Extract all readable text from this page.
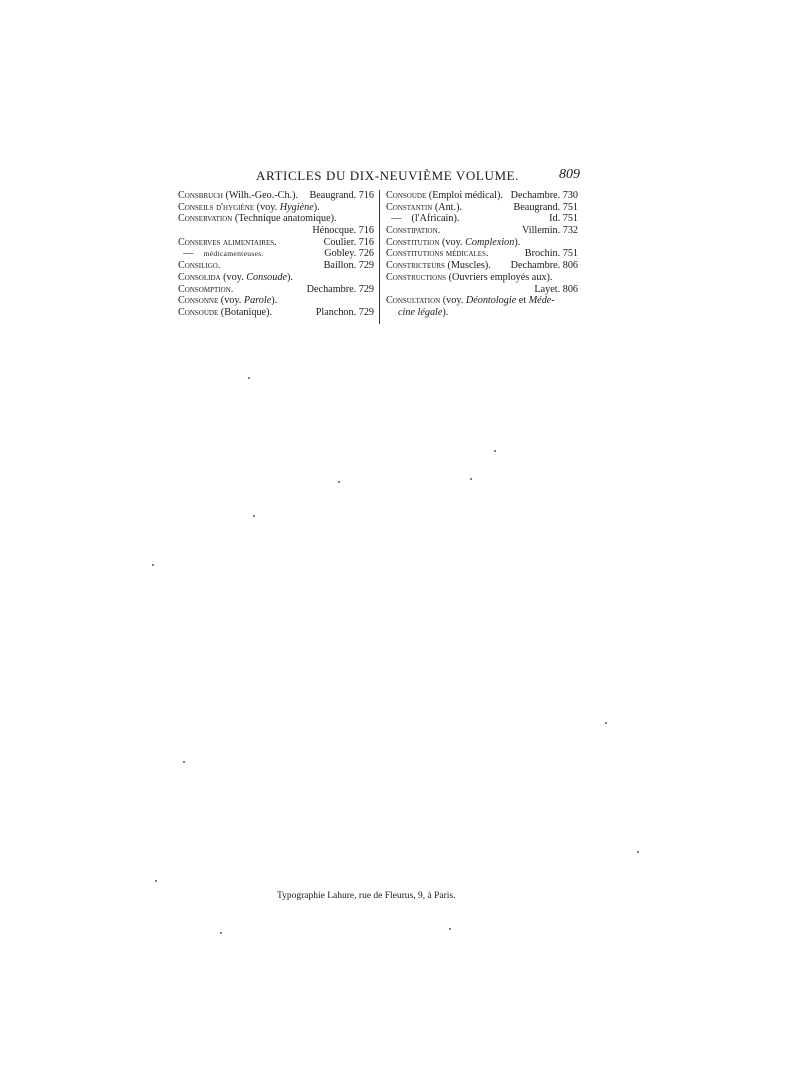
ARTICLES DU DIX-NEUVIÈME VOLUME.	809
Consbruch (Wilh.-Geo.-Ch.). Beaugrand. 716
Conseils d'hygiène (voy. Hygiène).
Conservation (Technique anatomique).
Hénocque. 716
Conserves alimentaires.	Coulier. 716
—    médicamenteuses.	Gobley. 726
Consiligo.	Baillon. 729
Consolida (voy. Consoude).
Consomption.	Dechambre. 729
Consonne (voy. Parole).
Consoude (Botanique).	Planchon. 729
Consoude (Emploi médical). Dechambre. 730
Constantin (Ant.).	Beaugrand. 751
—    (l'Africain).	Id. 751
Constipation.	Villemin. 732
Constitution (voy. Complexion).
Constitutions médicales.	Brochin. 751
Constricteurs (Muscles). Dechambre. 806
Constructions (Ouvriers employés aux).
Layet. 806
Consultation (voy. Déontologie et Méde-
cine légale).
Typographie Lahure, rue de Fleurus, 9, à Paris.
